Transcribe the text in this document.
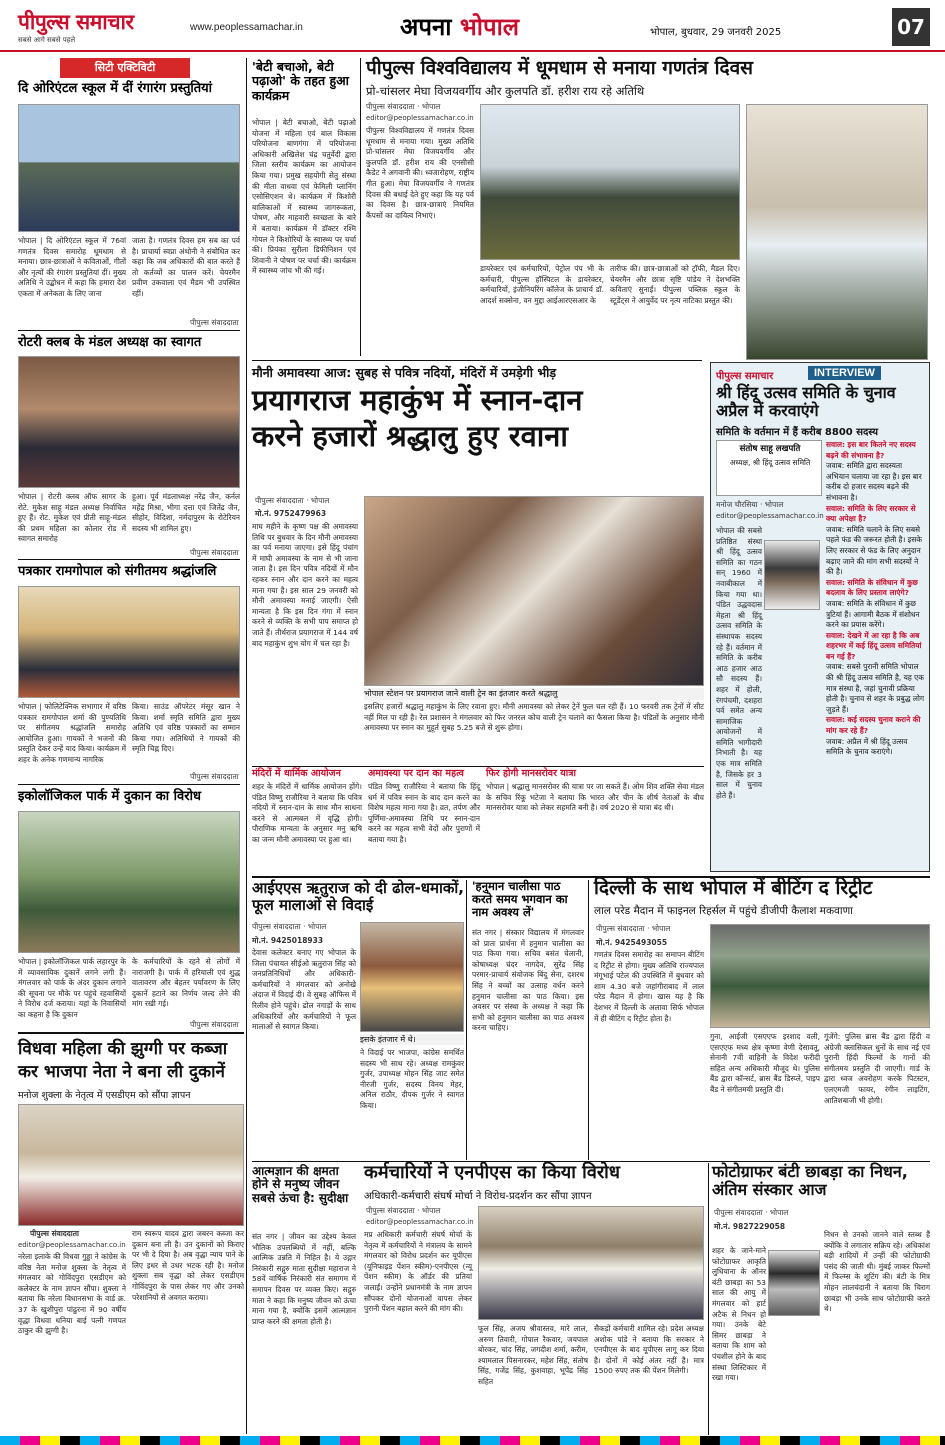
पीपुल्स समाचार
सबसे आगे सबसे पहले
www.peoplessamachar.in	अपना भोपाल	भोपाल, बुधवार, 29 जनवरी 2025	07
सिटी एक्टिविटी
दि ओरिएंटल स्कूल में दीं रंगारंग प्रस्तुतियां
भोपाल | दि ओरिएंटल स्कूल में 76वां गणतंत्र दिवस समारोह धूमधाम से मनाया। छात्र-छात्राओं ने कविताओं, गीतों और नृत्यों की रंगारंग प्रस्तुतियां दीं। मुख्य अतिथि ने उद्बोधन में कहा कि हमारा देश एकता में अनेकता के लिए जाना
जाता है। गणतंत्र दिवस हम सब का पर्व है। प्राचार्या स्वप्ना अंथोनी ने संबोधित कर कहा कि जब अधिकारों की बात करते हैं तो कर्तव्यों का पालन करें। चेयरमैन प्रवीण उकवाला एवं मैडम भी उपस्थित रहीं।
पीपुल्स संवाददाता
रोटरी क्लब के मंडल अध्यक्ष का स्वागत
भोपाल | रोटरी क्लब ऑफ सागर के रोटे. मुकेश साहू मंडल अध्यक्ष निर्वाचित हुए हैं। रोट. मुकेश एवं प्रीती साहू-मंडल की प्रथम महिला का कोलार रोड में स्वागत समारोह
हुआ। पूर्व मंडलाध्यक्ष नरेंद्र जैन, कर्नल महेंद्र मिश्रा, भीगा दत्ता एवं जितेंद्र जैन, सीहोर, विदिशा, नर्मदापुरम के रोटेरियन सदस्य भी शामिल हुए।
पीपुल्स संवाददाता
पत्रकार रामगोपाल को संगीतमय श्रद्धांजलि
भोपाल | फोलिटेक्निक सभागार में वरिष्ठ पत्रकार रामगोपाल शर्मा की पुण्यतिथि पर संगीतमय श्रद्धांजलि समारोह आयोजित हुआ। गायकों ने भजनों की प्रस्तुति देकर उन्हें याद किया। कार्यक्रम में शहर के अनेक गणमान्य नागरिक
किया। साउंड ऑपरेटर मंसूर खान ने किया। शर्मा स्मृति समिति द्वारा मुख्य अतिथि एवं वरिष्ठ पत्रकारों का सम्मान किया गया। अतिथियों ने गायकों की स्मृति चिह्न दिए।
पीपुल्स संवाददाता
इकोलॉजिकल पार्क में दुकान का विरोध
भोपाल | इकोलॉजिकल पार्क लहारपुर के में व्यावसायिक दुकानें लगने लगी हैं। मंगलवार को पार्क के अंदर दुकान लगाने की सूचना पर मौके पर पहुंचे रहवासियों ने विरोध दर्ज कराया। यहां के निवासियों का कहना है कि दुकान
के कर्मचारियों के रहने से लोगों में नाराजगी है। पार्क में हरियाली एवं शुद्ध वातावरण और बेहतर पर्यावरण के लिए दुकानें हटाने का निर्णय जल्द लेने की मांग रखी गई।
पीपुल्स संवाददाता
विधवा महिला की झुग्गी पर कब्जा
कर भाजपा नेता ने बना ली दुकानें
मनोज शुक्ला के नेतृत्व में एसडीएम को सौंपा ज्ञापन
पीपुल्स संवाददाता
editor@peoplessamachar.co.in
नरेला इलाके की विधवा गुड्डा ने कांग्रेस के वरिष्ठ नेता मनोज शुक्ला के नेतृत्व में मंगलवार को गोविंदपुरा एसडीएम को कलेक्टर के नाम ज्ञापन सौंपा। शुक्ला ने बताया कि नरेला विधानसभा के वार्ड क्र. 37 के खुशीपुरा पांढुरना में 90 वर्षीय वृद्धा विधवा धनिया बाई पत्नी गणपत ठाकुर की झुग्गी है।
राम स्वरूप यादव द्वारा जबरन कब्जा कर दुकान बना ली है। उन दुकानों को किराए पर भी दे दिया है। अब वृद्धा न्याय पाने के लिए इधर से उधर भटक रही है। मनोज शुक्ला सब वृद्धा को लेकर एसडीएम गोविंदपुरा के पास लेकर गए और उनको परेशानियों से अवगत कराया।
'बेटी बचाओ, बेटी पढ़ाओ' के तहत हुआ कार्यक्रम
भोपाल | बेटी बचाओ, बेटी पढ़ाओ योजना में महिला एवं बाल विकास परियोजना बाणगंगा में परियोजना अधिकारी अखिलेश चंद्र चतुर्वेदी द्वारा जिला स्तरीय कार्यक्रम का आयोजन किया गया। प्रमुख सहयोगी सेतु संस्था की मीता वाधवा एवं फेमिली प्लानिंग एसोसिएशन थे। कार्यक्रम में किशोरी बालिकाओं में स्वास्थ्य जागरूकता, पोषण, और माहवारी स्वच्छता के बारे में बताया। कार्यक्रम में डॉक्टर रश्मि गोयल ने किशोरियों के स्वास्थ्य पर चर्चा की। प्रियंका सुरीला डिफीनिशन एवं शिवानी ने पोषण पर चर्चा की। कार्यक्रम में स्वास्थ्य जांच भी की गई।
पीपुल्स विश्वविद्यालय में धूमधाम से मनाया गणतंत्र दिवस
प्रो-चांसलर मेघा विजयवर्गीय और कुलपति डॉ. हरीश राय रहे अतिथि
पीपुल्स संवाददाता · भोपाल
editor@peoplessamachar.co.in
पीपुल्स विश्वविद्यालय में गणतंत्र दिवस धूमधाम से मनाया गया। मुख्य अतिथि प्रो-चांसलर मेघा विजयवर्गीय और कुलपति डॉ. हरीश राय की एनसीसी कैडेट ने अगवानी की। ध्वजारोहण, राष्ट्रीय गीत हुआ। मेघा विजयवर्गीय ने गणतंत्र दिवस की बधाई देते हुए कहा कि यह पर्व का दिवस है। छात्र-छात्राएं नियमित कैंपसों का दायित्व निभाएं।
डायरेक्टर एवं कर्मचारियों, पेट्रोल पंप भी के कर्मचारी, पीपुल्स हॉस्पिटल के डायरेक्टर, कर्मचारियों, इंजीनियरिंग कॉलेज के प्राचार्य डॉ. आदर्श सक्सेना, वन मुद्दा आईआरएसआर के
तारीफ की। छात्र-छात्राओं को ट्रॉफी, मैडल दिए। चेयरमैन और छात्रा सृष्टि पांडेय ने देशभक्ति कविताएं सुनाईं। पीपुल्स पब्लिक स्कूल के स्टूडेंट्स ने आयुर्वेद पर नृत्य नाटिका प्रस्तुत की।
मौनी अमावस्या आज: सुबह से पवित्र नदियों, मंदिरों में उमड़ेगी भीड़
प्रयागराज महाकुंभ में स्नान-दान
करने हजारों श्रद्धालु हुए रवाना
पीपुल्स संवाददाता · भोपाल
मो.नं. 9752479963
माघ महीने के कृष्ण पक्ष की अमावस्या तिथि पर बुधवार के दिन मौनी अमावस्या का पर्व मनाया जाएगा। इसे हिंदू पंचांग में माघी अमावस्या के नाम से भी जाना जाता है। इस दिन पवित्र नदियों में मौन रहकर स्नान और दान करने का महत्व माना गया है। इस साल 29 जनवरी को मौनी अमावस्या मनाई जाएगी। ऐसी मान्यता है कि इस दिन गंगा में स्नान करने से व्यक्ति के सभी पाप समाप्त हो जाते हैं। तीर्थराज प्रयागराज में 144 वर्ष बाद महाकुंभ शुभ योग में चल रहा है।
भोपाल स्टेशन पर प्रयागराज जाने वाली ट्रेन का इंतजार करते श्रद्धालु
इसलिए हजारों श्रद्धालु महाकुंभ के लिए रवाना हुए। मौनी अमावस्या को लेकर ट्रेनें फुल चल रही हैं। 10 फरवरी तक ट्रेनों में सीट नहीं मिल पा रही है। रेल प्रशासन ने मंगलवार को फिर जनरल कोच वाली ट्रेन चलाने का फैसला किया है। पंडितों के अनुसार मौनी अमावस्या पर स्नान का मुहूर्त सुबह 5.25 बजे से शुरू होगा।
मंदिरों में धार्मिक आयोजन
शहर के मंदिरों में धार्मिक आयोजन होंगे। पंडित विष्णु राजौरिया ने बताया कि पवित्र नदियों में स्नान-दान के साथ मौन साधना करने से आत्मबल में वृद्धि होगी। पौराणिक मान्यता के अनुसार मनु ऋषि का जन्म मौनी अमावस्या पर हुआ था।
अमावस्या पर दान का महत्व
पंडित विष्णु राजौरिया ने बताया कि हिंदू धर्म में पवित्र स्नान के बाद दान करने का विशेष महत्व माना गया है। व्रत, तर्पण और पूर्णिमा-अमावस्या तिथि पर स्नान-दान करने का महत्व सभी वेदों और पुराणों में बताया गया है।
फिर होगी मानसरोवर यात्रा
भोपाल | श्रद्धालु मानसरोवर की यात्रा पर जा सकते हैं। ओम शिव शक्ति सेवा मंडल के सचिव रिंकू भटेजा ने बताया कि भारत और चीन के शीर्ष नेताओं के बीच मानसरोवर यात्रा को लेकर सहमति बनी है। वर्ष 2020 से यात्रा बंद थी।
पीपुल्स समाचार	INTERVIEW
श्री हिंदू उत्सव समिति के चुनाव अप्रैल में करवाएंगे
समिति के वर्तमान में हैं करीब 8800 सदस्य
संतोष साहू लखपति
अध्यक्ष, श्री हिंदू उत्सव समिति
मनोज चौरसिया · भोपाल
editor@peoplessamachar.co.in
भोपाल की सबसे प्रतिष्ठित संस्था श्री हिंदू उत्सव समिति का गठन सन् 1960 में नवाबीकाल में किया गया था। पंडित उद्धवदास मेहता श्री हिंदू उत्सव समिति के संस्थापक सदस्य रहे हैं। वर्तमान में समिति के करीब आठ हजार आठ सौ सदस्य हैं। शहर में होली, रंगपंचमी, दशहरा पर्व समेत अन्य सामाजिक आयोजनों में समिति भागीदारी निभाती है। यह एक मात्र समिति है, जिसके हर 3 साल में चुनाव होते हैं।
सवाल: इस बार कितने नए सदस्य बढ़ने की संभावना है?
जवाब: समिति द्वारा सदस्यता अभियान चलाया जा रहा है। इस बार करीब दो हजार सदस्य बढ़ने की संभावना है।
सवाल: समिति के लिए सरकार से क्या अपेक्षा है?
जवाब: समिति चलाने के लिए सबसे पहले फंड की जरूरत होती है। इसके लिए सरकार से फंड के लिए अनुदान बढ़ाए जाने की मांग सभी सदस्यों ने की है।
सवाल: समिति के संविधान में कुछ बदलाव के लिए प्रस्ताव लाएंगे?
जवाब: समिति के संविधान में कुछ त्रुटियां हैं। आगामी बैठक में संशोधन करने का प्रयास करेंगे।
सवाल: देखने में आ रहा है कि अब शहरभर में कई हिंदू उत्सव समितियां बन गई हैं?
जवाब: सबसे पुरानी समिति भोपाल की श्री हिंदू उत्सव समिति है, यह एक मात्र संस्था है, जहां चुनावी प्रक्रिया होती है। चुनाव से शहर के प्रबुद्ध लोग जुड़ते हैं।
सवाल: कई सदस्य चुनाव कराने की मांग कर रहे हैं?
जवाब: अप्रैल में श्री हिंदू उत्सव समिति के चुनाव कराएंगे।
आईएएस ऋतुराज को दी ढोल-धमाकों, फूल मालाओं से विदाई
पीपुल्स संवाददाता · भोपाल
मो.नं. 9425018933
देवास कलेक्टर बनाए गए भोपाल के जिला पंचायत सीईओ ऋतुराज सिंह को जनप्रतिनिधियों और अधिकारी-कर्मचारियों ने मंगलवार को अनोखे अंदाज में विदाई दी। वे सुबह ऑफिस में रिलीव होने पहुंचे। ढोल नगाड़ों के साथ अधिकारियों और कर्मचारियों ने फूल मालाओं से स्वागत किया।
इसके इंतजार में थे।
ने विदाई पर भाजपा, कांग्रेस समर्थित सदस्य भी साथ रहे। अध्यक्ष रामकुंवर गुर्जर, उपाध्यक्ष मोहन सिंह जाट समेत नीरजी गुर्जर, सदस्य विनय मेहर, अनिल राठौर, दीपक गुर्जर ने स्वागत किया।
आत्मज्ञान की क्षमता होने से मनुष्य जीवन सबसे ऊंचा है: सुदीक्षा
संत नगर | जीवन का उद्देश्य केवल भौतिक उपलब्धियों में नहीं, बल्कि आत्मिक उन्नति में निहित है। ये उद्गार निरंकारी सद्गुरु माता सुदीक्षा महाराज ने 58वें वार्षिक निरंकारी संत समागम में समापन दिवस पर व्यक्त किए। सद्गुरु माता ने कहा कि मनुष्य जीवन को ऊंचा माना गया है, क्योंकि इसमें आत्मज्ञान प्राप्त करने की क्षमता होती है।
'हनुमान चालीसा पाठ करते समय भगवान का नाम अवश्य लें'
संत नगर | संस्कार विद्यालय में मंगलवार को प्रातः प्रार्थना में हनुमान चालीसा का पाठ किया गया। सचिव बसंत चेलानी, कोषाध्यक्ष चंदर नागदेव, सुरेंद्र सिंह परमार-प्राचार्य संयोजक बिंदु सेना, दशरथ सिंह ने बच्चों का उत्साह वर्धन करने हनुमान चालीसा का पाठ किया। इस अवसर पर संस्था के अध्यक्ष ने कहा कि सभी को हनुमान चालीसा का पाठ अवश्य करना चाहिए।
दिल्ली के साथ भोपाल में बीटिंग द रिट्रीट
लाल परेड मैदान में फाइनल रिहर्सल में पहुंचे डीजीपी कैलाश मकवाणा
पीपुल्स संवाददाता · भोपाल
मो.नं. 9425493055
गणतंत्र दिवस समारोह का समापन बीटिंग द रिट्रीट से होगा। मुख्य अतिथि राज्यपाल मंगूभाई पटेल की उपस्थिति में बुधवार को शाम 4.30 बजे जहांगीराबाद में लाल परेड मैदान में होगा। खास यह है कि देशभर में दिल्ली के अलावा सिर्फ भोपाल में ही बीटिंग द रिट्रीट होता है।
गुना, आईजी एसएएफ इरशाद वली, एसएएफ मध्य क्षेत्र कृष्णा वेणी देसावतू, सेनानी 7वीं वाहिनी के विदेश फरीदी सहित अन्य अधिकारी मौजूद थे। पुलिस बैंड द्वारा कॉन्सर्ट, ब्रास बैंड डिस्प्ले, पाइप बैंड ने संगीतमयी प्रस्तुति दी।
गूंजेंगे: पुलिस ब्रास बैंड द्वारा हिंदी व अंग्रेजी क्लासिकल धुनों के साथ नई एवं पुरानी हिंदी फिल्मों के गानों की संगीतमय प्रस्तुति दी जाएगी। गार्ड के द्वारा ध्वज अवरोहण करके पिटस्टन, एलएमजी फायर, रंगीन लाइटिंग, आतिशबाजी भी होगी।
कर्मचारियों ने एनपीएस का किया विरोध
अधिकारी-कर्मचारी संघर्ष मोर्चा ने विरोध-प्रदर्शन कर सौंपा ज्ञापन
पीपुल्स संवाददाता · भोपाल
editor@peoplessamachar.co.in
मप्र अधिकारी कर्मचारी संघर्ष मोर्चा के नेतृत्व में कर्मचारियों ने मंत्रालय के सामने मंगलवार को विरोध प्रदर्शन कर यूपीएस (यूनिफाइड पेंशन स्कीम)-एनपीएस (न्यू पेंशन स्कीम) के ऑर्डर की प्रतियां जलाईं। उन्होंने प्रधानमंत्री के नाम ज्ञापन सौंपकर दोनों योजनाओं वापस लेकर पुरानी पेंशन बहाल करने की मांग की।
फूल सिंह, अजय श्रीवास्तव, मारे लाल, अरुण तिवारी, गोपाल रैकवार, जयपाल बोरकर, चांद सिंह, जगदीश शर्मा, करीम, श्यामलाल पिसनारकर, महेश सिंह, संतोष सिंह, गजेंद्र सिंह, कुशवाहा, भूपेंद्र सिंह सहित
सैकड़ों कर्मचारी शामिल रहे। प्रदेश अध्यक्ष अशोक पांडे ने बताया कि सरकार ने एनपीएस के बाद यूपीएस लागू कर दिया है। दोनों में कोई अंतर नहीं है। मात्र 1500 रुपए तक की पेंशन मिलेगी।
फोटोग्राफर बंटी छाबड़ा का निधन, अंतिम संस्कार आज
पीपुल्स संवाददाता · भोपाल
मो.नं. 9827229058
शहर के जाने-माने फोटोग्राफर आकृति लुधियाना के ऑनर बंटी छाबड़ा का 53 साल की आयु में मंगलवार को हार्ट अटैक से निधन हो गया। उनके बेटे सिमर छाबड़ा ने बताया कि शाम को पंचशील होने के बाद संस्था लिस्टिकार में रखा गया।
निधन से उनको जानने वाले स्तब्ध हैं क्योंकि वे लगातार सक्रिय रहे। अधिकांश बड़ी शादियों में उन्हीं की फोटोग्राफी पसंद की जाती थी। मुंबई जाकर फिल्मों में फिल्म्स के शूटिंग की। बंटी के मित्र मोहन लालचंदानी ने बताया कि चिराग छाबड़ा भी उनके साथ फोटोग्राफी करते थे।
